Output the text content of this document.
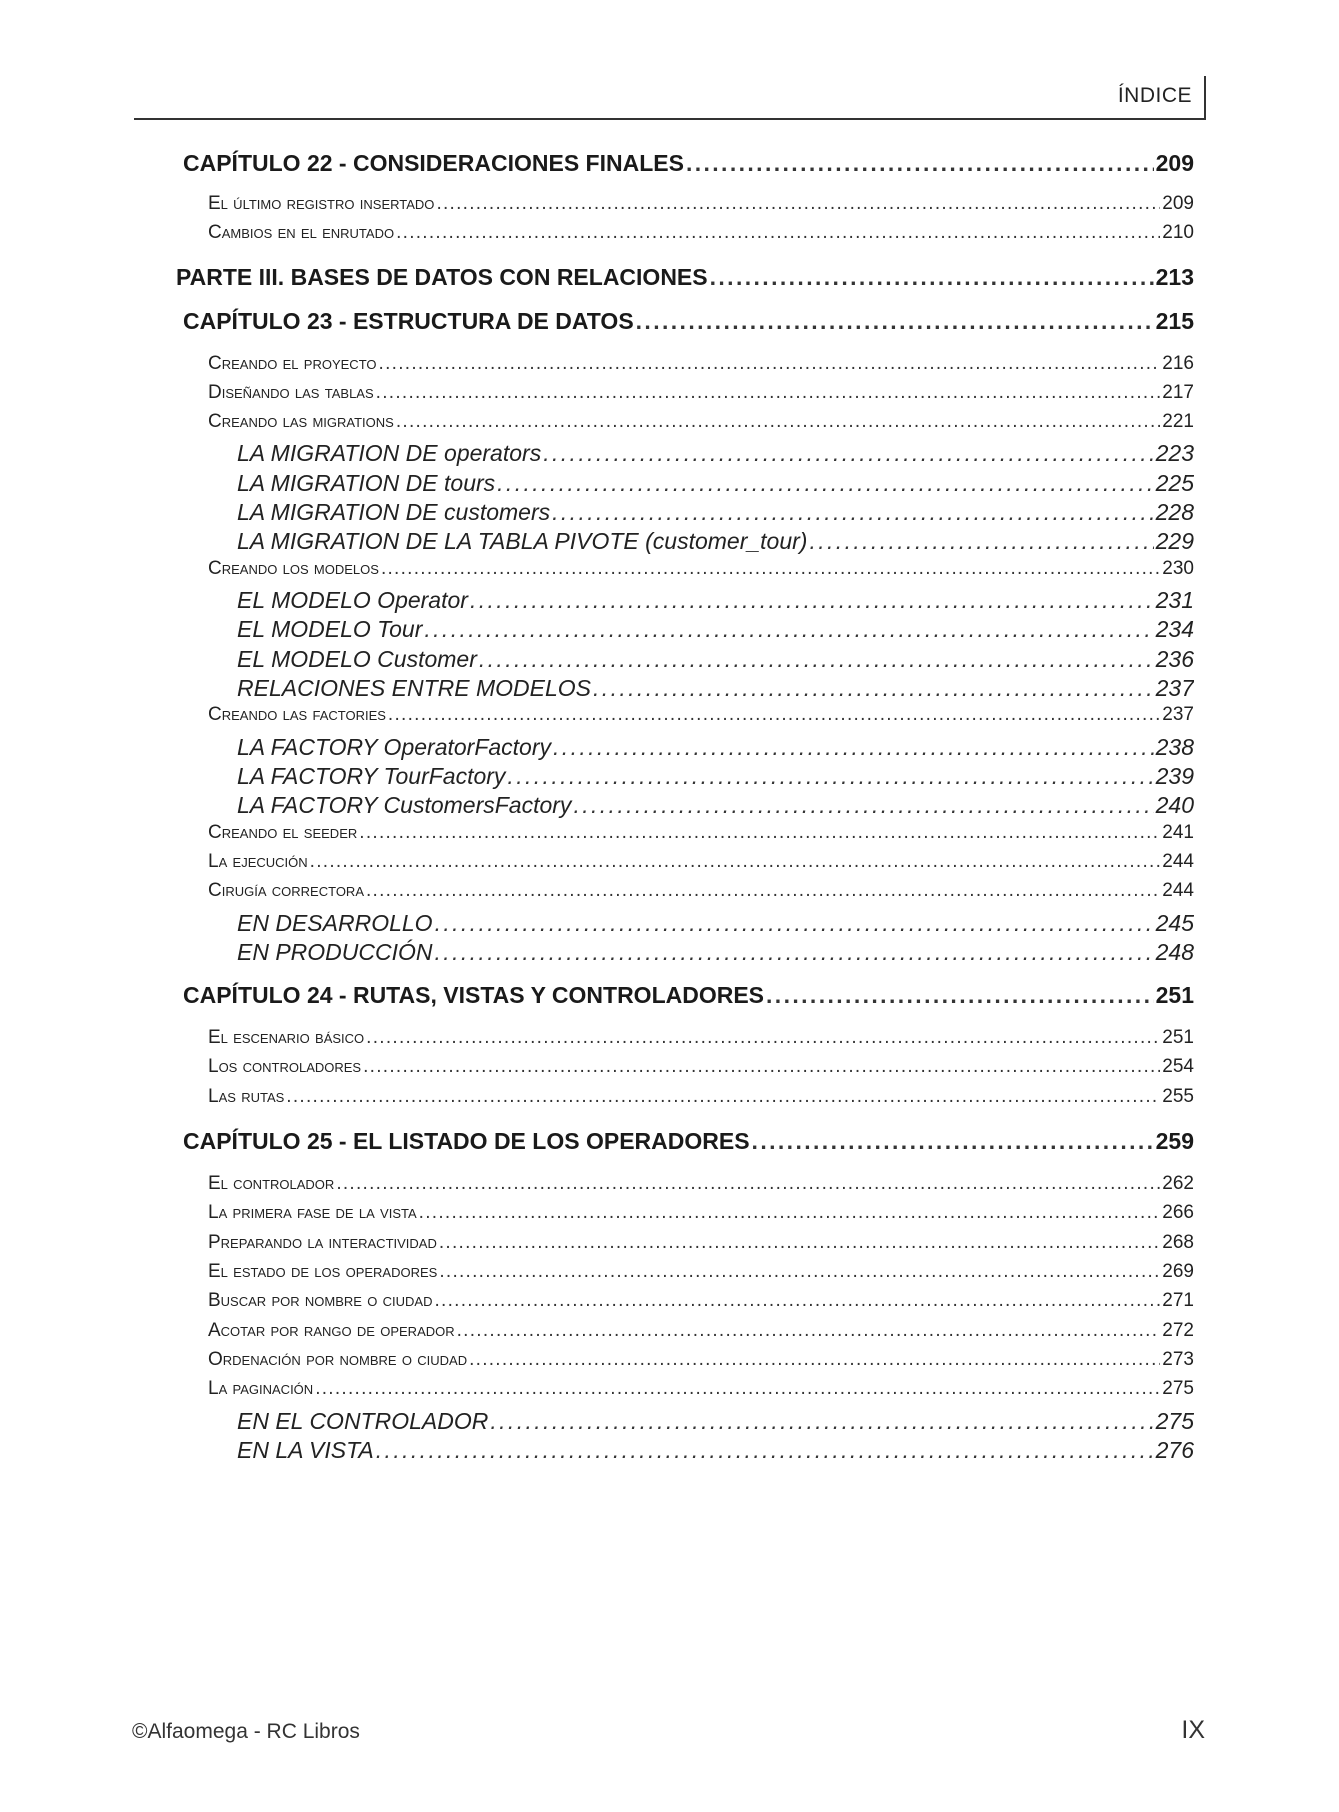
ÍNDICE
CAPÍTULO 22 - CONSIDERACIONES FINALES . . .	209
El último registro insertado . . .	209
Cambios en el enrutado . . .	210
PARTE III. BASES DE DATOS CON RELACIONES . . .	213
CAPÍTULO 23 - ESTRUCTURA DE DATOS . . .	215
Creando el proyecto . . .	216
Diseñando las tablas . . .	217
Creando las migrations . . .	221
LA MIGRATION DE operators . . .	223
LA MIGRATION DE tours . . .	225
LA MIGRATION DE customers . . .	228
LA MIGRATION DE LA TABLA PIVOTE (customer_tour) . . .	229
Creando los modelos . . .	230
EL MODELO Operator . . .	231
EL MODELO Tour . . .	234
EL MODELO Customer . . .	236
RELACIONES ENTRE MODELOS . . .	237
Creando las factories . . .	237
LA FACTORY OperatorFactory . . .	238
LA FACTORY TourFactory . . .	239
LA FACTORY CustomersFactory . . .	240
Creando el seeder . . .	241
La ejecución . . .	244
Cirugía correctora . . .	244
EN DESARROLLO . . .	245
EN PRODUCCIÓN . . .	248
CAPÍTULO 24 - RUTAS, VISTAS Y CONTROLADORES . . .	251
El escenario básico . . .	251
Los controladores . . .	254
Las rutas . . .	255
CAPÍTULO 25 - EL LISTADO DE LOS OPERADORES . . .	259
El controlador . . .	262
La primera fase de la vista . . .	266
Preparando la interactividad . . .	268
El estado de los operadores . . .	269
Buscar por nombre o ciudad . . .	271
Acotar por rango de operador . . .	272
Ordenación por nombre o ciudad . . .	273
La paginación . . .	275
EN EL CONTROLADOR . . .	275
EN LA VISTA . . .	276
©Alfaomega - RC Libros	IX
